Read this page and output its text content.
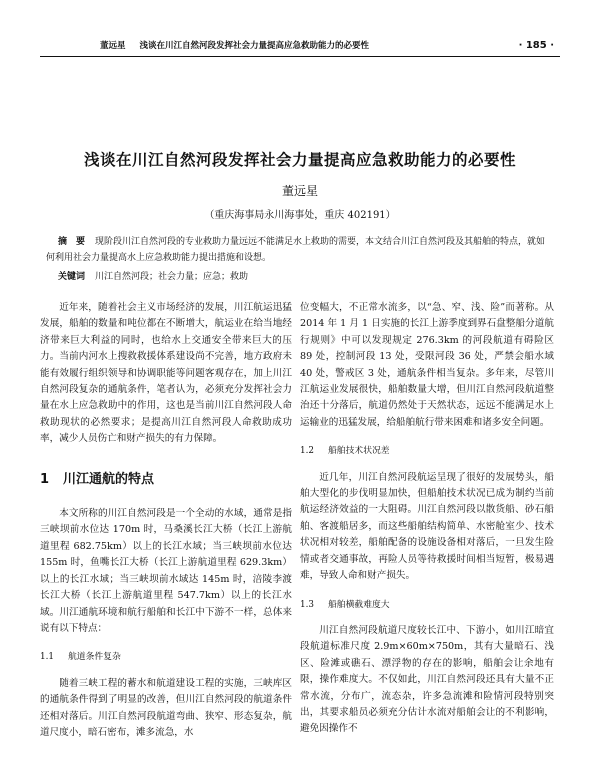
董远星 浅谈在川江自然河段发挥社会力量提高应急救助能力的必要性	· 185 ·
浅谈在川江自然河段发挥社会力量提高应急救助能力的必要性
董远星
（重庆海事局永川海事处，重庆 402191）
摘　要 现阶段川江自然河段的专业救助力量远远不能满足水上救助的需要，本文结合川江自然河段及其船舶的特点，就如何利用社会力量提高水上应急救助能力提出措施和设想。
关键词 川江自然河段；社会力量；应急；救助

近年来，随着社会主义市场经济的发展，川江航运迅猛发展，船舶的数量和吨位都在不断增大，航运业在给当地经济带来巨大利益的同时，也给水上交通安全带来巨大的压力。当前内河水上搜救救援体系建设尚不完善，地方政府未能有效履行组织领导和协调职能等问题客观存在，加上川江自然河段复杂的通航条件，笔者认为，必须充分发挥社会力量在水上应急救助中的作用，这也是当前川江自然河段人命救助现状的必然要求；是提高川江自然河段人命救助成功率，减少人员伤亡和财产损失的有力保障。

1 川江通航的特点

本文所称的川江自然河段是一个全动的水域，通常是指三峡坝前水位达 170m 时，马桑溪长江大桥（长江上游航道里程 682.75km）以上的长江水域；当三峡坝前水位达 155m 时，鱼嘴长江大桥（长江上游航道里程 629.3km）以上的长江水域；当三峡坝前水域达 145m 时，涪陵李渡长江大桥（长江上游航道里程 547.7km）以上的长江水域。川江通航环境和航行船舶和长江中下游不一样，总体来说有以下特点：

1.1 航道条件复杂

随着三峡工程的蓄水和航道建设工程的实施，三峡库区的通航条件得到了明显的改善，但川江自然河段的航道条件还相对落后。川江自然河段航道弯曲、狭窄、形态复杂，航道尺度小，暗石密布，滩多流急，水

位变幅大，不正常水流多，以“急、窄、浅、险”而著称。从 2014 年 1 月 1 日实施的长江上游季度到界石盘整船分道航行规则》中可以发现规定 276.3km 的河段航道有碍险区 89 处，控制河段 13 处，受限河段 36 处，严禁会船水域 40 处，警戒区 3 处，通航条件相当复杂。多年来，尽管川江航运业发展很快，船舶数量大增，但川江自然河段航道整治还十分落后，航道仍然处于天然状态，远远不能满足水上运输业的迅猛发展，给船舶航行带来困难和诸多安全问题。

1.2 船舶技术状况差

近几年，川江自然河段航运呈现了很好的发展势头，船舶大型化的步伐明显加快，但船舶技术状况已成为制约当前航运经济效益的一大阻碍。川江自然河段以散货船、砂石船舶、客渡船居多，而这些船舶结构简单、水密舱室少、技术状况相对较差，船舶配备的设施设备相对落后，一旦发生险情或者交通事故，再险人员等待救援时间相当短暂，极易遇难，导致人命和财产损失。

1.3 船舶横截难度大

川江自然河段航道尺度较长江中、下游小，如川江暗宜段航道标准尺度 2.9m×60m×750m，其有大量暗石、浅区、险滩或礁石、漂浮物的存在的影响，船舶会让余地有限，操作难度大。不仅如此，川江自然河段还具有大量不正常水流，分布广，流态杂，许多急流滩和险情河段特别突出，其要求船员必须充分估计水流对船舶会让的不利影响，避免因操作不
